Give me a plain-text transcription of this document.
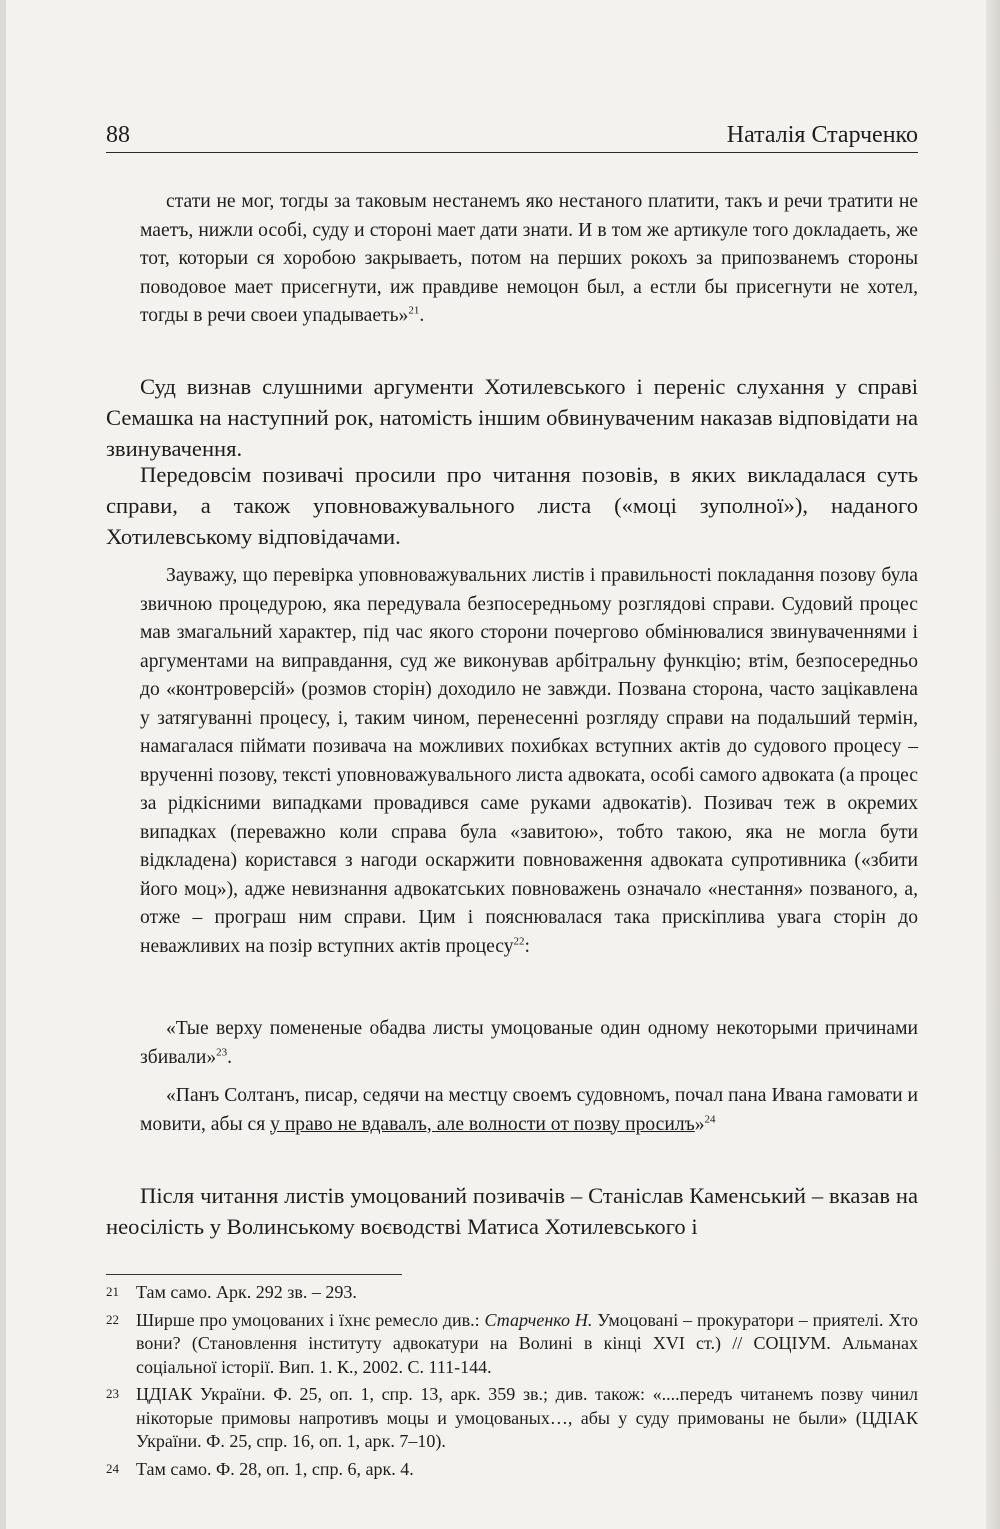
88	Наталія Старченко

стати не мог, тогды за таковым нестанемъ яко нестаного платити, такъ и речи тратити не маетъ, нижли особі, суду и стороні мает дати знати. И в том же артикуле того докладаеть, же тот, которыи ся хоробою закрываеть, потом на перших рокохъ за припозванемъ стороны поводовое мает присегнути, иж правдиве немоцон был, а естли бы присегнути не хотел, тогды в речи своеи упадываеть»$^{21}$.

Суд визнав слушними аргументи Хотилевського і переніс слухання у справі Семашка на наступний рок, натомість іншим обвинуваченим наказав відповідати на звинувачення.

Передовсім позивачі просили про читання позовів, в яких викладалася суть справи, а також уповноважувального листа («моці зуполної»), наданого Хотилевському відповідачами.

Зауважу, що перевірка уповноважувальних листів і правильності покладання позову була звичною процедурою, яка передувала безпосередньому розглядові справи. Судовий процес мав змагальний характер, під час якого сторони почергово обмінювалися звинуваченнями і аргументами на виправдання, суд же виконував арбітральну функцію; втім, безпосередньо до «контроверсій» (розмов сторін) доходило не завжди. Позвана сторона, часто зацікавлена у затягуванні процесу, і, таким чином, перенесенні розгляду справи на подальший термін, намагалася піймати позивача на можливих похибках вступних актів до судового процесу – врученні позову, тексті уповноважувального листа адвоката, особі самого адвоката (а процес за рідкісними випадками провадився саме руками адвокатів). Позивач теж в окремих випадках (переважно коли справа була «завитою», тобто такою, яка не могла бути відкладена) користався з нагоди оскаржити повноваження адвоката супротивника («збити його моц»), адже невизнання адвокатських повноважень означало «нестання» позваного, а, отже – програш ним справи. Цим і пояснювалася така прискіплива увага сторін до неважливих на позір вступних актів процесу$^{22}$:

«Тые верху помененые обадва листы умоцованые один одному некоторыми причинами збивали»$^{23}$.

«Панъ Солтанъ, писар, седячи на местцу своемъ судовномъ, почал пана Ивана гамовати и мовити, абы ся у право не вдавалъ, але волности от позву просилъ»$^{24}$

Після читання листів умоцований позивачів – Станіслав Каменський – вказав на неосілість у Волинському воєводстві Матиса Хотилевського і

21 Там само. Арк. 292 зв. – 293.
22 Ширше про умоцованих і їхнє ремесло див.: Старченко Н. Умоцовані – прокуратори – приятелі. Хто вони? (Становлення інституту адвокатури на Волині в кінці XVI ст.) // СОЦІУМ. Альманах соціальної історії. Вип. 1. К., 2002. С. 111-144.
23 ЦДІАК України. Ф. 25, оп. 1, спр. 13, арк. 359 зв.; див. також: «....передъ читанемъ позву чинил нікоторые примовы напротивъ моцы и умоцованых…, абы у суду примованы не были» (ЦДІАК України. Ф. 25, спр. 16, оп. 1, арк. 7–10).
24 Там само. Ф. 28, оп. 1, спр. 6, арк. 4.
